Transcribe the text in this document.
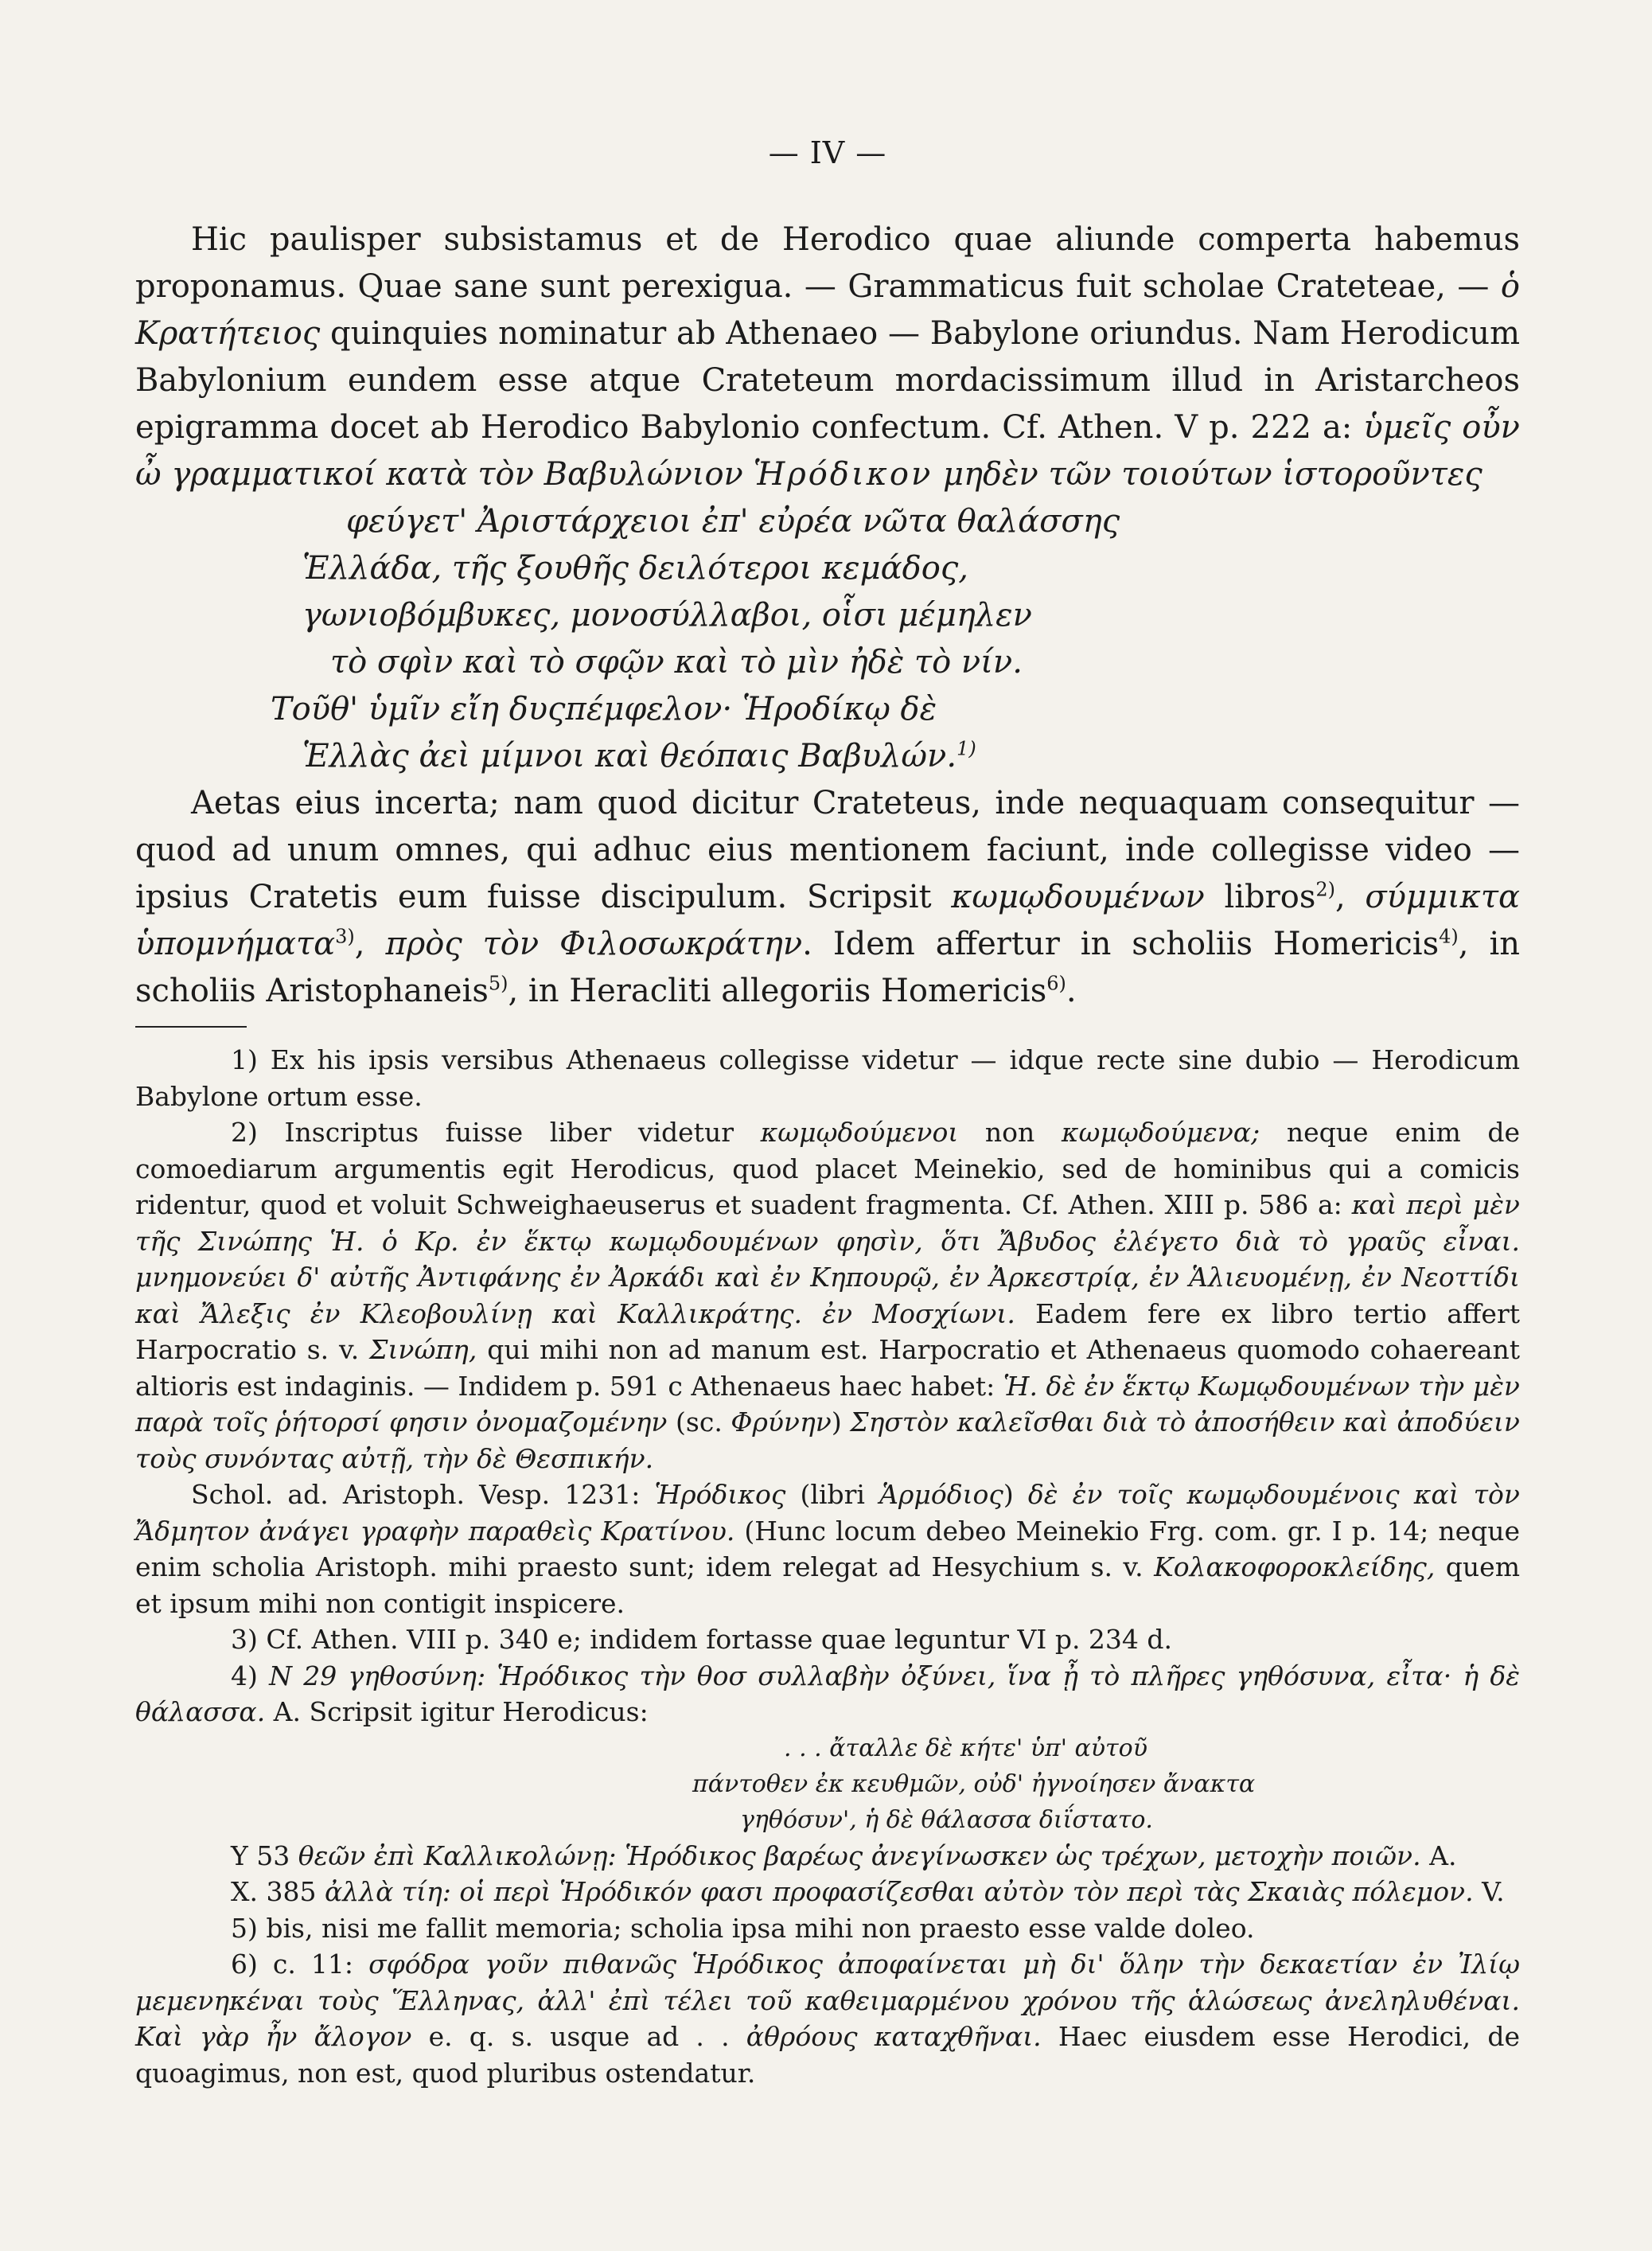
— IV —

Hic paulisper subsistamus et de Herodico quae aliunde comperta habemus proponamus. Quae sane sunt perexigua. — Grammaticus fuit scholae Crateteae, — ὁ Κρατήτειος quinquies nominatur ab Athenaeo — Babylone oriundus. Nam Herodicum Babylonium eundem esse atque Crateteum mordacissimum illud in Aristarcheos epigramma docet ab Herodico Babylonio confectum. Cf. Athen. V p. 222 a: ὑμεῖς οὖν ὦ γραμματικοί κατὰ τὸν Βαβυλώνιον Ἡρόδικον μηδὲν τῶν τοιούτων ἱστοροῦντες

φεύγετ' Ἀριστάρχειοι ἐπ' εὐρέα νῶτα θαλάσσης
Ἑλλάδα, τῆς ξουθῆς δειλότεροι κεμάδος,
γωνιοβόμβυκες, μονοσύλλαβοι, οἷσι μέμηλεν
τὸ σφὶν καὶ τὸ σφῷν καὶ τὸ μὶν ἠδὲ τὸ νίν.
Τοῦθ' ὑμῖν εἴη δυςπέμφελον· Ἡροδίκῳ δὲ
Ἑλλὰς ἀεὶ μίμνοι καὶ θεόπαις Βαβυλών.$^{1)}$

Aetas eius incerta; nam quod dicitur Crateteus, inde nequaquam consequitur — quod ad unum omnes, qui adhuc eius mentionem faciunt, inde collegisse video — ipsius Cratetis eum fuisse discipulum. Scripsit κωμῳδουμένων libros$^{2)}$, σύμμικτα ὑπομνήματα$^{3)}$, πρὸς τὸν Φιλοσωκράτην. Idem affertur in scholiis Homericis$^{4)}$, in scholiis Aristophaneis$^{5)}$, in Heracliti allegoriis Homericis$^{6)}$.

1) Ex his ipsis versibus Athenaeus collegisse videtur — idque recte sine dubio — Herodicum Babylone ortum esse.

2) Inscriptus fuisse liber videtur κωμῳδούμενοι non κωμῳδούμενα; neque enim de comoediarum argumentis egit Herodicus, quod placet Meinekio, sed de hominibus qui a comicis ridentur, quod et voluit Schweighaeuserus et suadent fragmenta. Cf. Athen. XIII p. 586 a: καὶ περὶ μὲν τῆς Σινώπης Ἡ. ὁ Κρ. ἐν ἕκτῳ κωμῳδουμένων φησὶν, ὅτι Ἄβυδος ἐλέγετο διὰ τὸ γραῦς εἶναι. μνημονεύει δ' αὐτῆς Ἀντιφάνης ἐν Ἀρκάδι καὶ ἐν Κηπουρῷ, ἐν Ἀρκεστρίᾳ, ἐν Ἁλιευομένῃ, ἐν Νεοττίδι καὶ Ἄλεξις ἐν Κλεοβουλίνῃ καὶ Καλλικράτης. ἐν Μοσχίωνι. Eadem fere ex libro tertio affert Harpocratio s. v. Σινώπη, qui mihi non ad manum est. Harpocratio et Athenaeus quomodo cohaereant altioris est indaginis. — Indidem p. 591 c Athenaeus haec habet: Ἡ. δὲ ἐν ἕκτῳ Κωμῳδουμένων τὴν μὲν παρὰ τοῖς ῥήτορσί φησιν ὀνομαζομένην (sc. Φρύνην) Σηστὸν καλεῖσθαι διὰ τὸ ἀποσήθειν καὶ ἀποδύειν τοὺς συνόντας αὐτῇ, τὴν δὲ Θεσπικήν.

Schol. ad. Aristoph. Vesp. 1231: Ἡρόδικος (libri Ἁρμόδιος) δὲ ἐν τοῖς κωμῳδουμένοις καὶ τὸν Ἄδμητον ἀνάγει γραφὴν παραθεὶς Κρατίνου. (Hunc locum debeo Meinekio Frg. com. gr. I p. 14; neque enim scholia Aristoph. mihi praesto sunt; idem relegat ad Hesychium s. v. Κολακοφορoκλείδης, quem et ipsum mihi non contigit inspicere.

3) Cf. Athen. VIII p. 340 e; indidem fortasse quae leguntur VI p. 234 d.

4) N 29 γηθοσύνη: Ἡρόδικος τὴν θοσ συλλαβὴν ὀξύνει, ἵνα ᾖ τὸ πλῆρες γηθόσυνα, εἶτα· ἡ δὲ θάλασσα. A. Scripsit igitur Herodicus:

. . . ἄταλλε δὲ κήτε' ὑπ' αὐτοῦ
πάντοθεν ἐκ κευθμῶν, οὐδ' ἠγνοίησεν ἄνακτα
γηθόσυν', ἡ δὲ θάλασσα διΐστατο.

Y 53 θεῶν ἐπὶ Καλλικολώνῃ: Ἡρόδικος βαρέως ἀνεγίνωσκεν ὡς τρέχων, μετοχὴν ποιῶν. A.

X. 385 ἀλλὰ τίη: οἱ περὶ Ἡρόδικόν φασι προφασίζεσθαι αὐτὸν τὸν περὶ τὰς Σκαιὰς πόλεμον. V.

5) bis, nisi me fallit memoria; scholia ipsa mihi non praesto esse valde doleo.

6) c. 11: σφόδρα γοῦν πιθανῶς Ἡρόδικος ἀποφαίνεται μὴ δι' ὅλην τὴν δεκαετίαν ἐν Ἰλίῳ μεμενηκέναι τοὺς Ἕλληνας, ἀλλ' ἐπὶ τέλει τοῦ καθειμαρμένου χρόνου τῆς ἁλώσεως ἀνεληλυθέναι. Καὶ γὰρ ἦν ἄλογον e. q. s. usque ad . . ἀθρόους καταχθῆναι. Haec eiusdem esse Herodici, de quoagimus, non est, quod pluribus ostendatur.
